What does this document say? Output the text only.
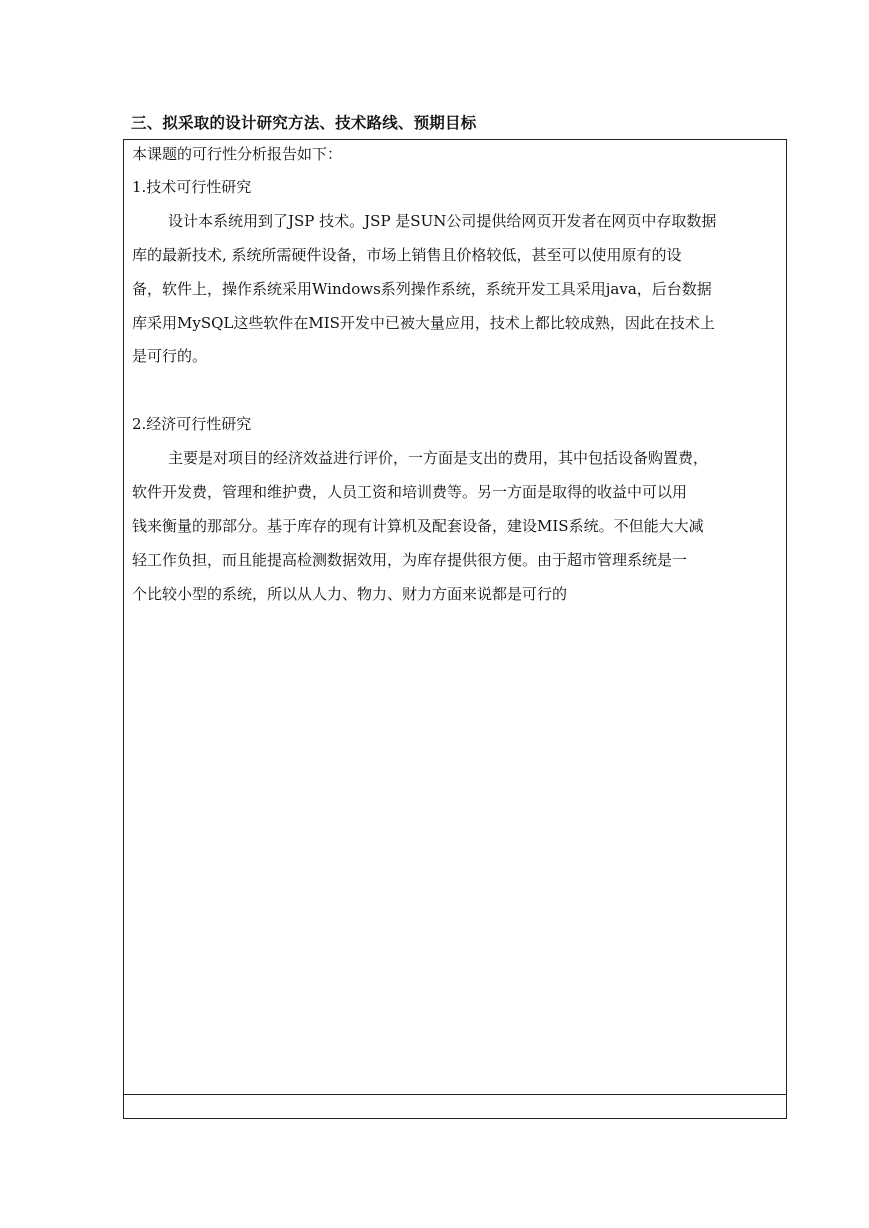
三、拟采取的设计研究方法、技术路线、预期目标
本课题的可行性分析报告如下：
1.技术可行性研究
设计本系统用到了JSP 技术。JSP 是SUN公司提供给网页开发者在网页中存取数据
库的最新技术, 系统所需硬件设备，市场上销售且价格较低，甚至可以使用原有的设
备，软件上，操作系统采用Windows系列操作系统，系统开发工具采用java，后台数据
库采用MySQL这些软件在MIS开发中已被大量应用，技术上都比较成熟，因此在技术上
是可行的。
2.经济可行性研究
主要是对项目的经济效益进行评价，一方面是支出的费用，其中包括设备购置费，
软件开发费，管理和维护费，人员工资和培训费等。另一方面是取得的收益中可以用
钱来衡量的那部分。基于库存的现有计算机及配套设备，建设MIS系统。不但能大大减
轻工作负担，而且能提高检测数据效用，为库存提供很方便。由于超市管理系统是一
个比较小型的系统，所以从人力、物力、财力方面来说都是可行的
